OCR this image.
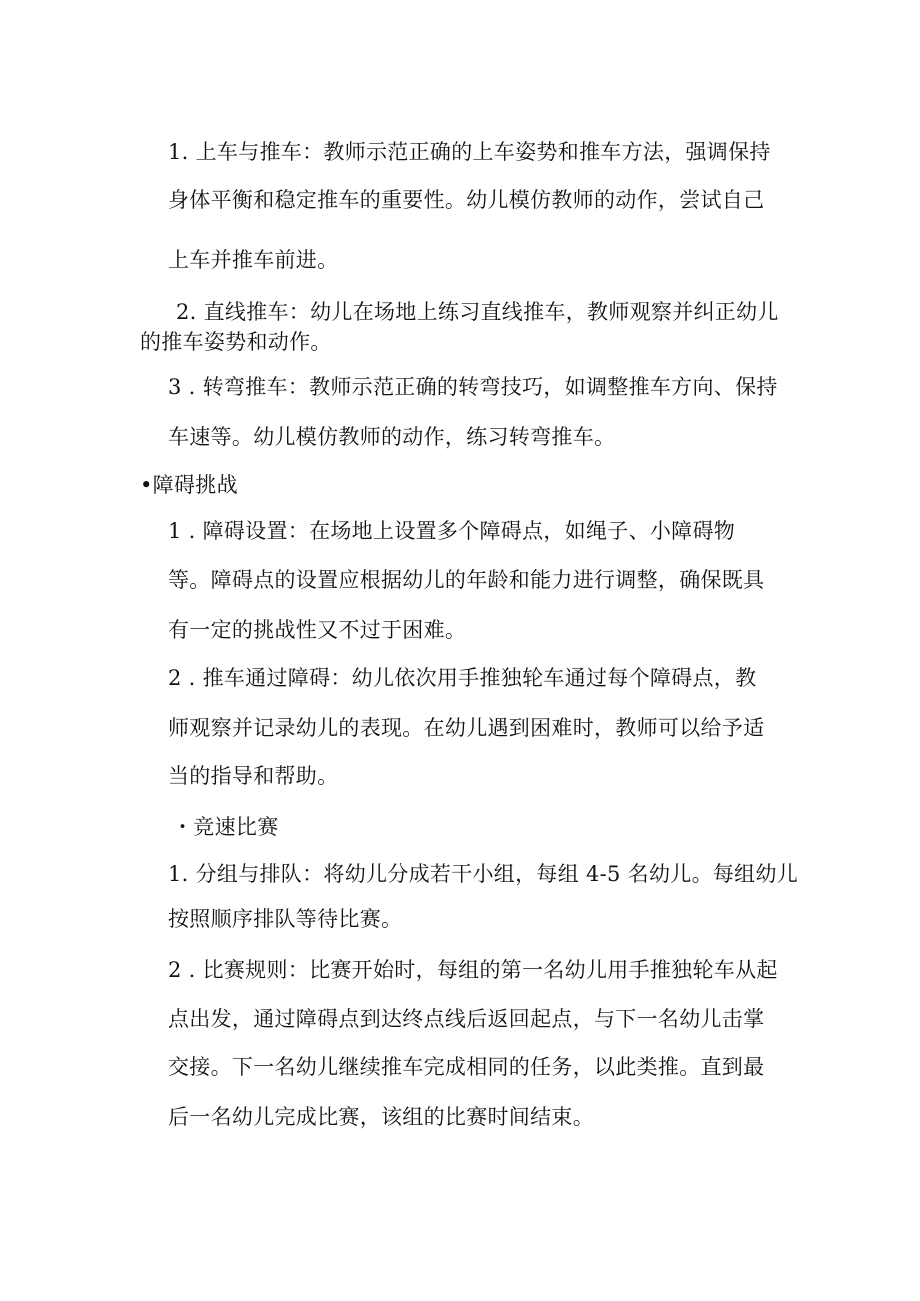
1. 上车与推车：教师示范正确的上车姿势和推车方法，强调保持
身体平衡和稳定推车的重要性。幼儿模仿教师的动作，尝试自己
上车并推车前进。
2. 直线推车：幼儿在场地上练习直线推车，教师观察并纠正幼儿
的推车姿势和动作。
3 . 转弯推车：教师示范正确的转弯技巧，如调整推车方向、保持
车速等。幼儿模仿教师的动作，练习转弯推车。
•障碍挑战
1 . 障碍设置：在场地上设置多个障碍点，如绳子、小障碍物
等。障碍点的设置应根据幼儿的年龄和能力进行调整，确保既具
有一定的挑战性又不过于困难。
2 . 推车通过障碍：幼儿依次用手推独轮车通过每个障碍点，教
师观察并记录幼儿的表现。在幼儿遇到困难时，教师可以给予适
当的指导和帮助。
・竞速比赛
1. 分组与排队：将幼儿分成若干小组，每组 4-5 名幼儿。每组幼儿
按照顺序排队等待比赛。
2 . 比赛规则：比赛开始时，每组的第一名幼儿用手推独轮车从起
点出发，通过障碍点到达终点线后返回起点，与下一名幼儿击掌
交接。下一名幼儿继续推车完成相同的任务，以此类推。直到最
后一名幼儿完成比赛，该组的比赛时间结束。
